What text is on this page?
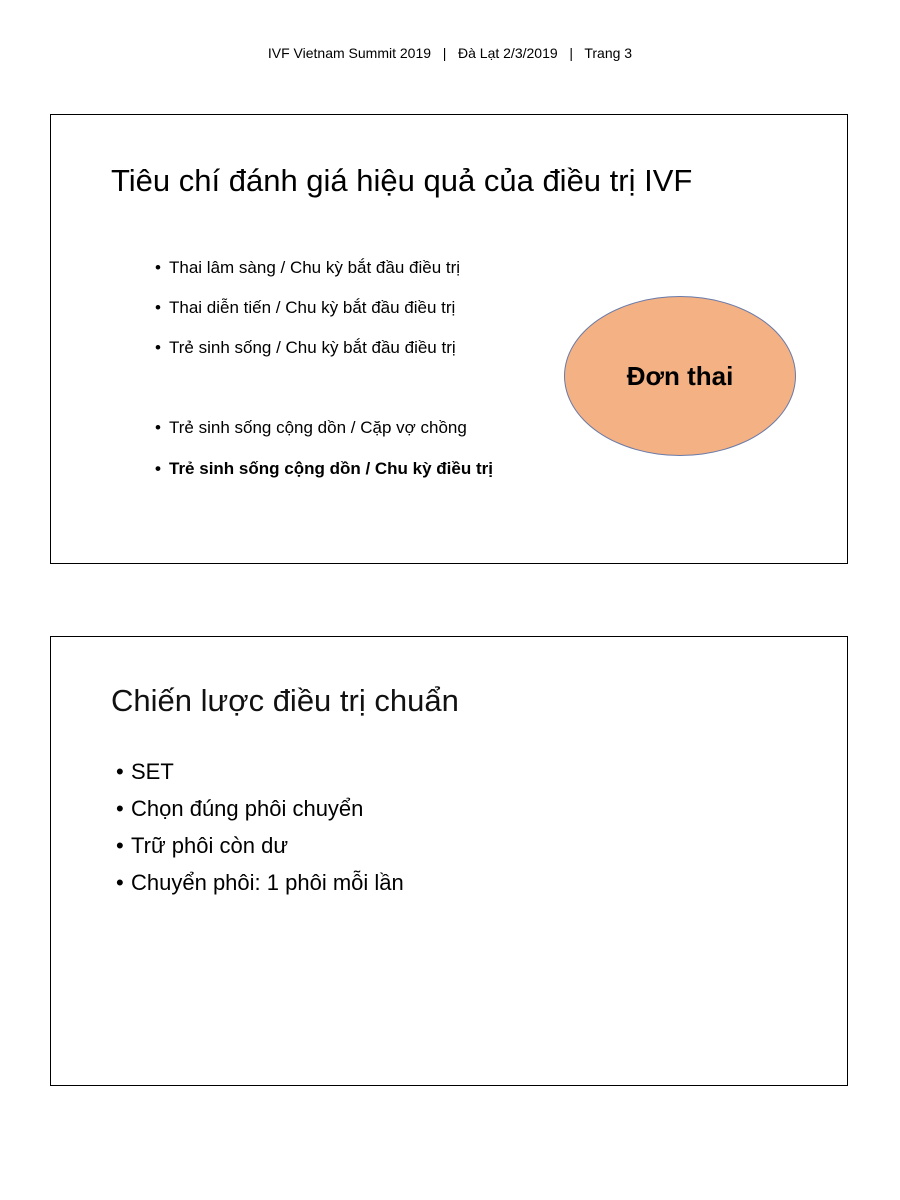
IVF Vietnam Summit 2019   |   Đà Lạt 2/3/2019   |   Trang 3
Tiêu chí đánh giá hiệu quả của điều trị IVF
• Thai lâm sàng / Chu kỳ bắt đầu điều trị
• Thai diễn tiến / Chu kỳ bắt đầu điều trị
• Trẻ sinh sống / Chu kỳ bắt đầu điều trị
• Trẻ sinh sống cộng dồn / Cặp vợ chồng
• Trẻ sinh sống cộng dồn / Chu kỳ điều trị
Đơn thai
Chiến lược điều trị chuẩn
• SET
• Chọn đúng phôi chuyển
• Trữ phôi còn dư
• Chuyển phôi: 1 phôi mỗi lần
